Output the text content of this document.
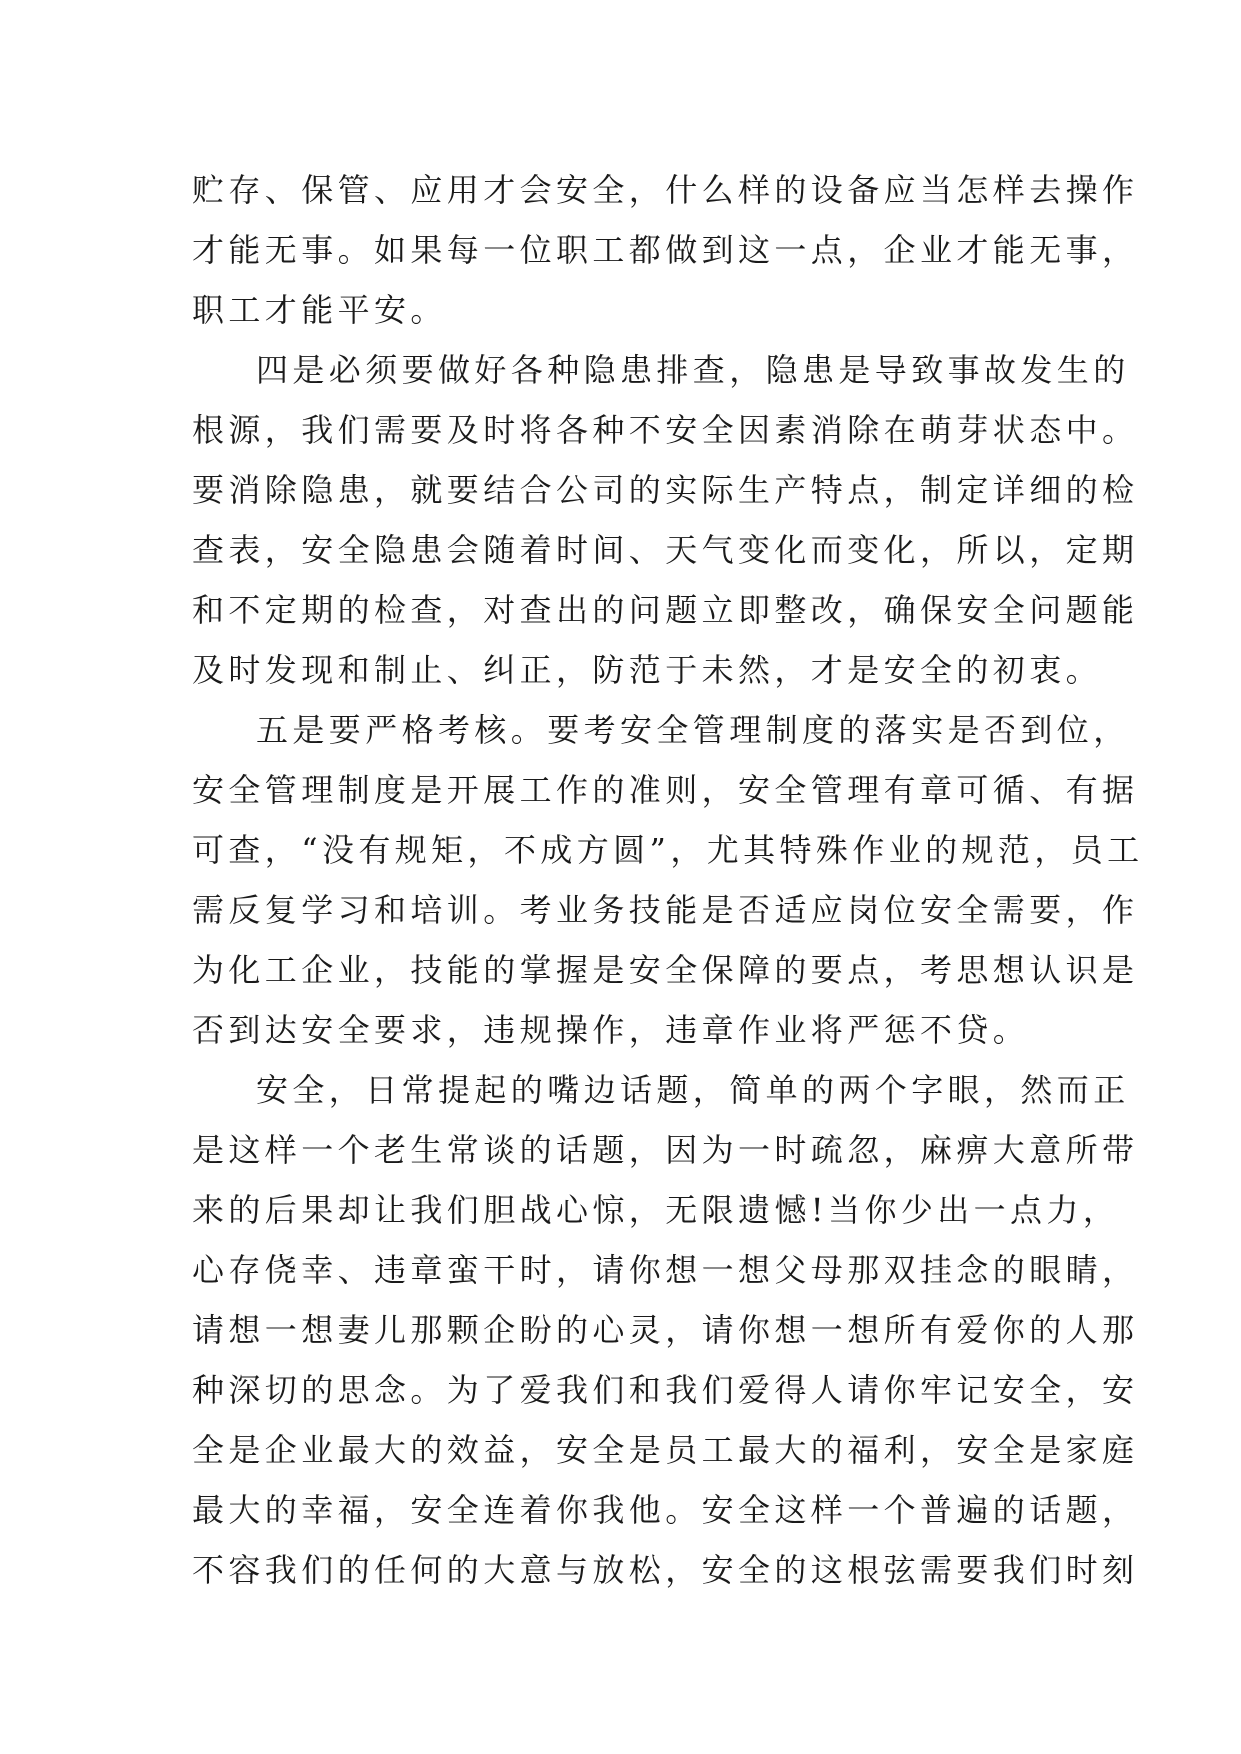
贮存、保管、应用才会安全，什么样的设备应当怎样去操作
才能无事。如果每一位职工都做到这一点，企业才能无事，
职工才能平安。
四是必须要做好各种隐患排查，隐患是导致事故发生的
根源，我们需要及时将各种不安全因素消除在萌芽状态中。
要消除隐患，就要结合公司的实际生产特点，制定详细的检
查表，安全隐患会随着时间、天气变化而变化，所以，定期
和不定期的检查，对查出的问题立即整改，确保安全问题能
及时发现和制止、纠正，防范于未然，才是安全的初衷。
五是要严格考核。要考安全管理制度的落实是否到位，
安全管理制度是开展工作的准则，安全管理有章可循、有据
可查，“没有规矩，不成方圆”，尤其特殊作业的规范，员工
需反复学习和培训。考业务技能是否适应岗位安全需要，作
为化工企业，技能的掌握是安全保障的要点，考思想认识是
否到达安全要求，违规操作，违章作业将严惩不贷。
安全，日常提起的嘴边话题，简单的两个字眼，然而正
是这样一个老生常谈的话题，因为一时疏忽，麻痹大意所带
来的后果却让我们胆战心惊，无限遗憾!当你少出一点力，
心存侥幸、违章蛮干时，请你想一想父母那双挂念的眼睛，
请想一想妻儿那颗企盼的心灵，请你想一想所有爱你的人那
种深切的思念。为了爱我们和我们爱得人请你牢记安全，安
全是企业最大的效益，安全是员工最大的福利，安全是家庭
最大的幸福，安全连着你我他。安全这样一个普遍的话题，
不容我们的任何的大意与放松，安全的这根弦需要我们时刻
